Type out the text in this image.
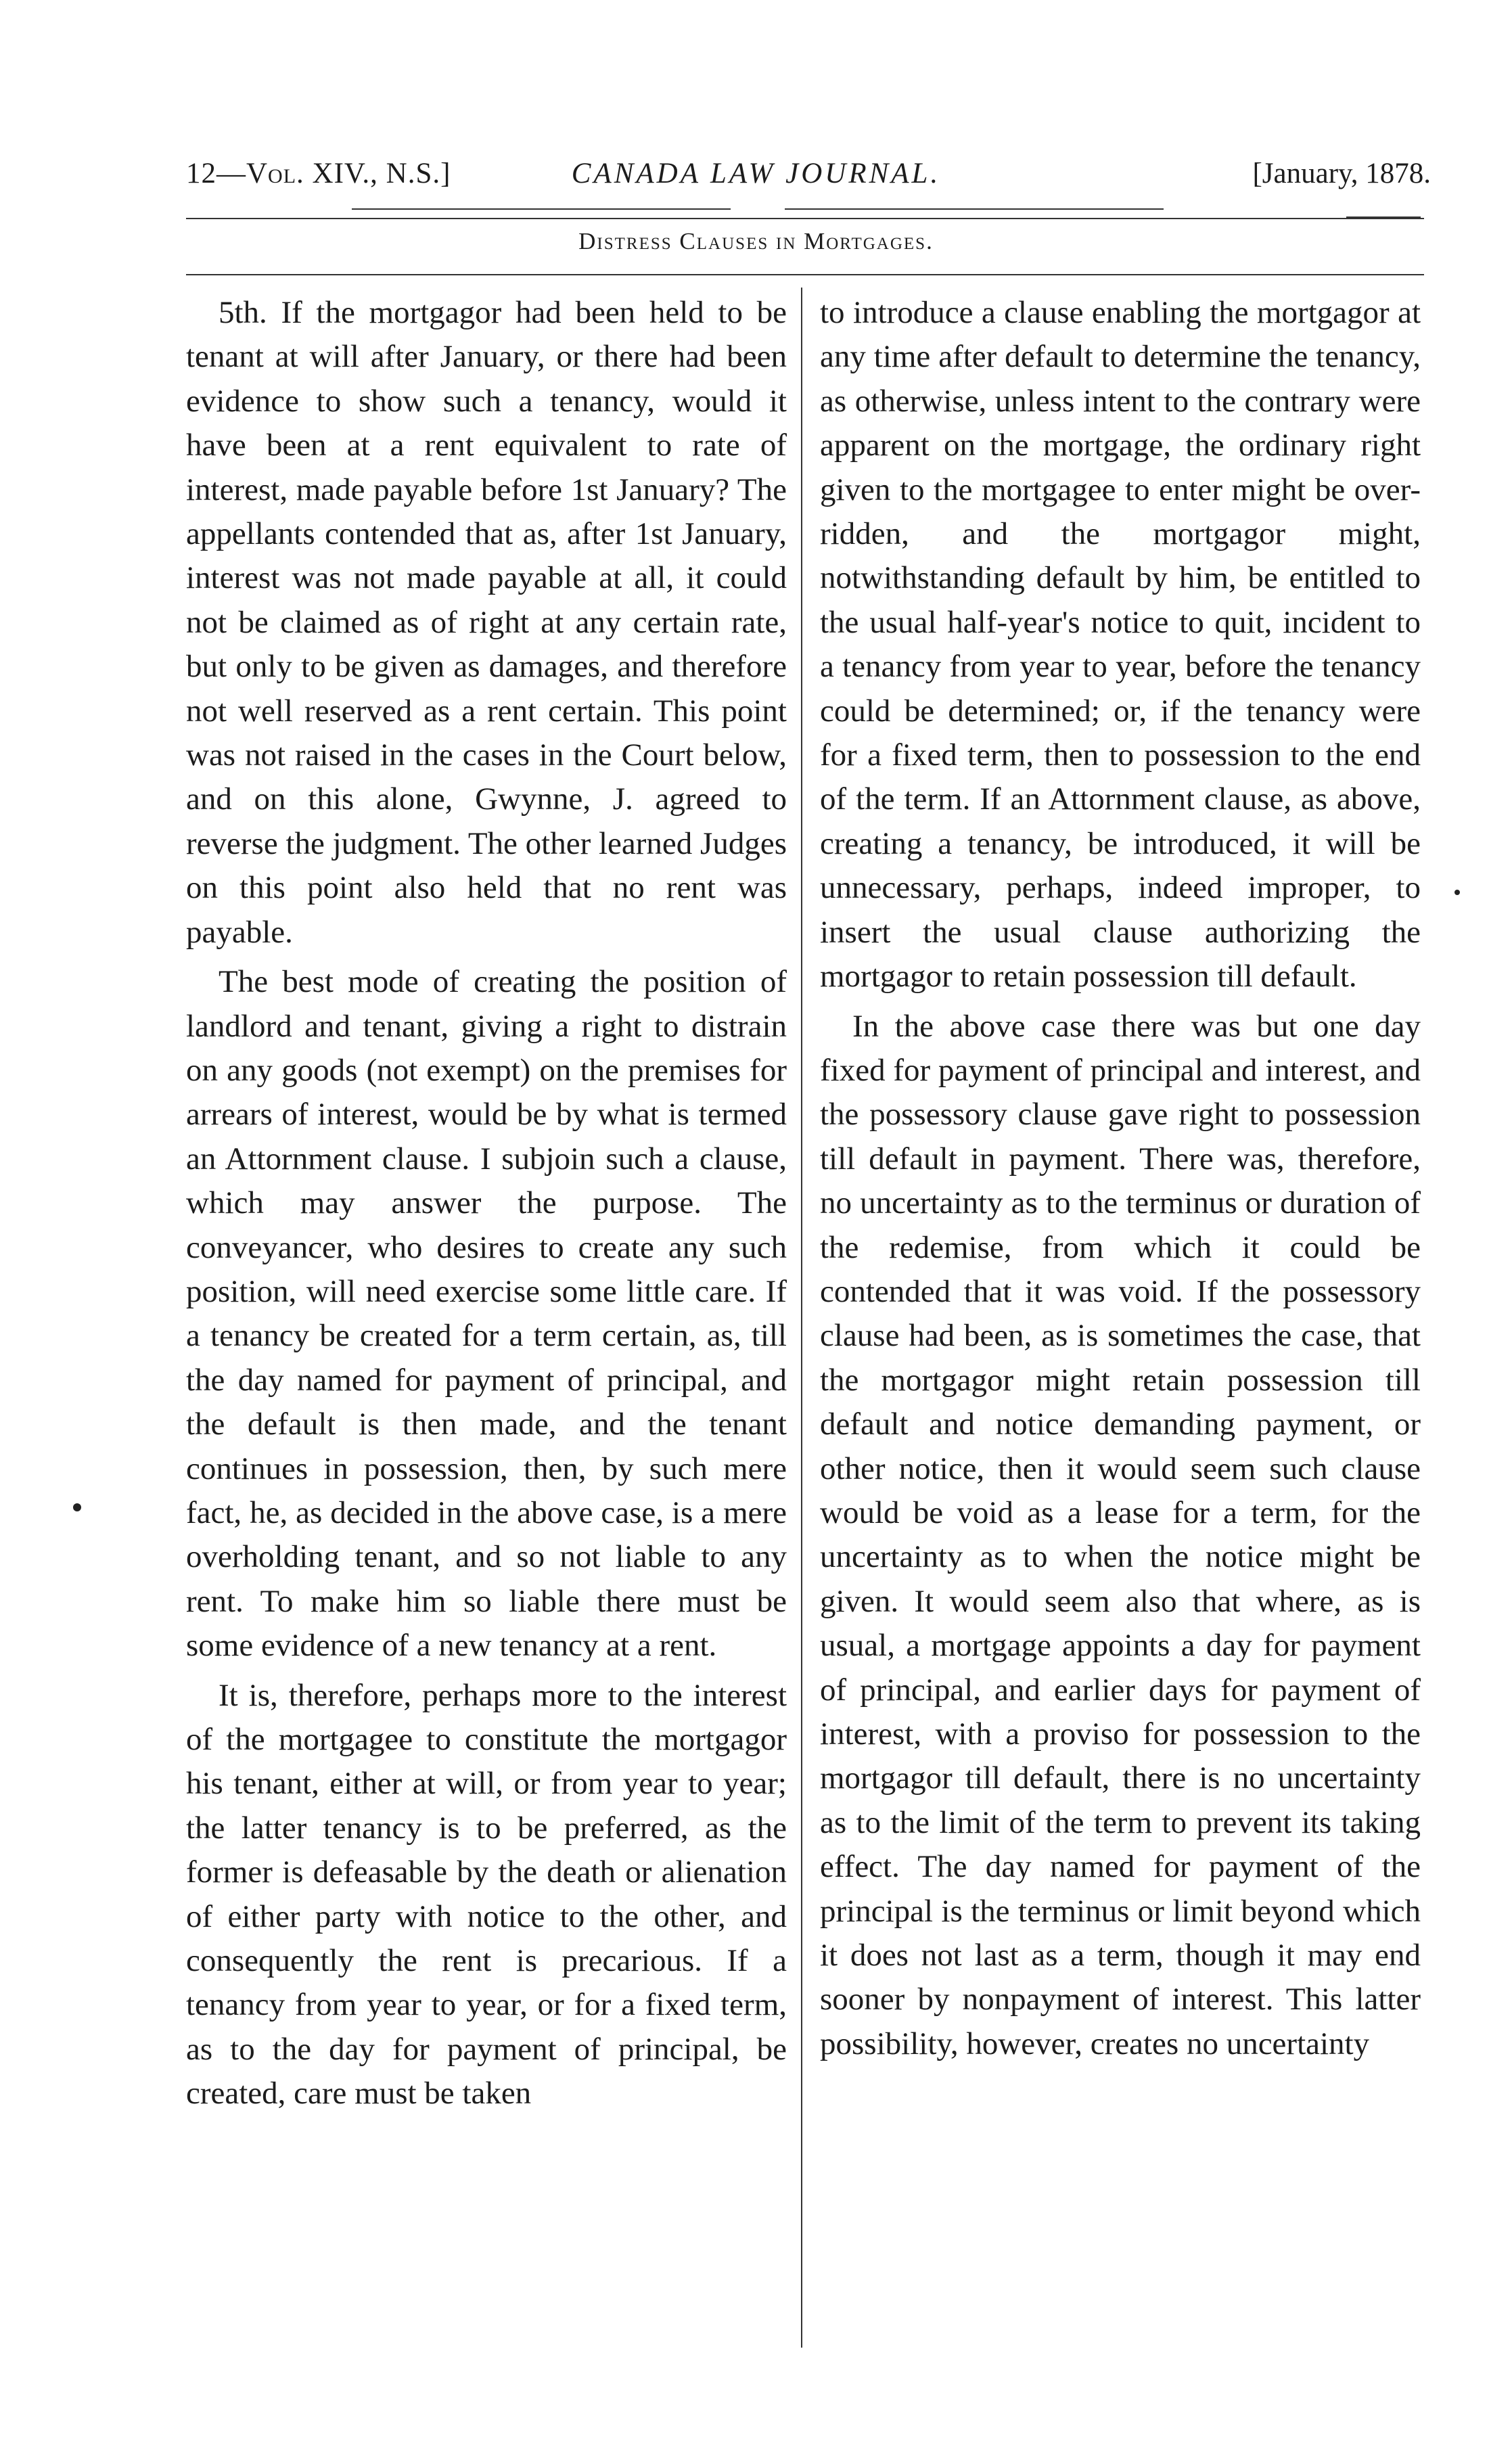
12—Vol. XIV., N.S.]	CANADA LAW JOURNAL.	[January, 1878.
Distress Clauses in Mortgages.

5th. If the mortgagor had been held to be tenant at will after January, or there had been evidence to show such a tenancy, would it have been at a rent equivalent to rate of interest, made payable before 1st January? The appellants contended that as, after 1st January, interest was not made payable at all, it could not be claimed as of right at any certain rate, but only to be given as damages, and therefore not well reserved as a rent certain. This point was not raised in the cases in the Court below, and on this alone, Gwynne, J. agreed to reverse the judgment. The other learned Judges on this point also held that no rent was payable.

The best mode of creating the position of landlord and tenant, giving a right to distrain on any goods (not exempt) on the premises for arrears of interest, would be by what is termed an Attornment clause. I subjoin such a clause, which may answer the purpose. The conveyancer, who desires to create any such position, will need exercise some little care. If a tenancy be created for a term certain, as, till the day named for payment of principal, and the default is then made, and the tenant continues in possession, then, by such mere fact, he, as decided in the above case, is a mere overholding tenant, and so not liable to any rent. To make him so liable there must be some evidence of a new tenancy at a rent.

It is, therefore, perhaps more to the interest of the mortgagee to constitute the mortgagor his tenant, either at will, or from year to year; the latter tenancy is to be preferred, as the former is defeasable by the death or alienation of either party with notice to the other, and consequently the rent is precarious. If a tenancy from year to year, or for a fixed term, as to the day for payment of principal, be created, care must be taken

to introduce a clause enabling the mortgagor at any time after default to determine the tenancy, as otherwise, unless intent to the contrary were apparent on the mortgage, the ordinary right given to the mortgagee to enter might be over-ridden, and the mortgagor might, notwithstanding default by him, be entitled to the usual half-year's notice to quit, incident to a tenancy from year to year, before the tenancy could be determined; or, if the tenancy were for a fixed term, then to possession to the end of the term. If an Attornment clause, as above, creating a tenancy, be introduced, it will be unnecessary, perhaps, indeed improper, to insert the usual clause authorizing the mortgagor to retain possession till default.

In the above case there was but one day fixed for payment of principal and interest, and the possessory clause gave right to possession till default in payment. There was, therefore, no uncertainty as to the terminus or duration of the redemise, from which it could be contended that it was void. If the possessory clause had been, as is sometimes the case, that the mortgagor might retain possession till default and notice demanding payment, or other notice, then it would seem such clause would be void as a lease for a term, for the uncertainty as to when the notice might be given. It would seem also that where, as is usual, a mortgage appoints a day for payment of principal, and earlier days for payment of interest, with a proviso for possession to the mortgagor till default, there is no uncertainty as to the limit of the term to prevent its taking effect. The day named for payment of the principal is the terminus or limit beyond which it does not last as a term, though it may end sooner by nonpayment of interest. This latter possibility, however, creates no uncertainty
